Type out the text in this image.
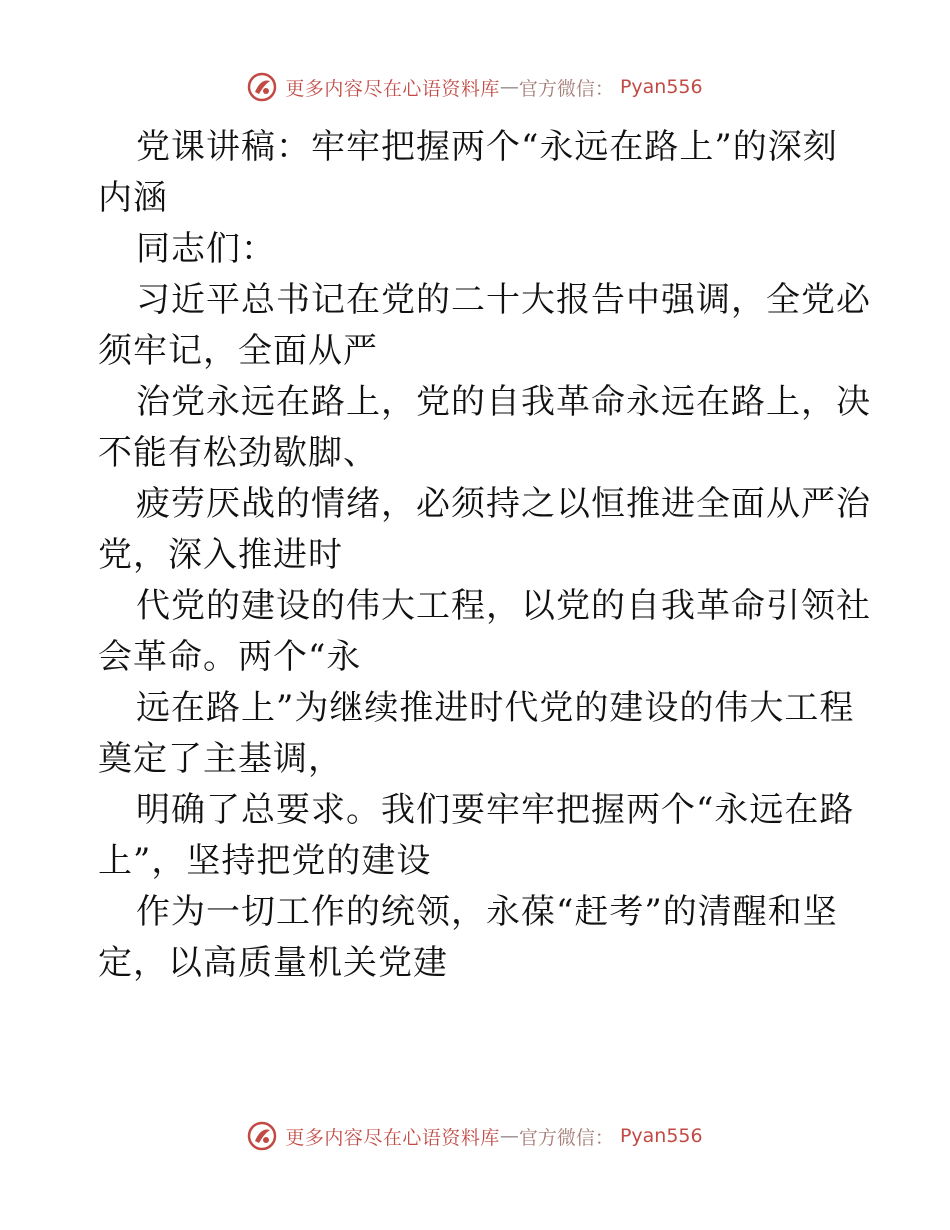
更多内容尽在心语资料库 — 官方微信： Pyan556
党课讲稿：牢牢把握两个“永远在路上”的深刻
内涵
同志们：
习近平总书记在党的二十大报告中强调，全党必
须牢记，全面从严
治党永远在路上，党的自我革命永远在路上，决
不能有松劲歇脚、
疲劳厌战的情绪，必须持之以恒推进全面从严治
党，深入推进时
代党的建设的伟大工程，以党的自我革命引领社
会革命。两个“永
远在路上”为继续推进时代党的建设的伟大工程
奠定了主基调，
明确了总要求。我们要牢牢把握两个“永远在路
上”，坚持把党的建设
作为一切工作的统领，永葆“赶考”的清醒和坚
定，以高质量机关党建
更多内容尽在心语资料库 — 官方微信： Pyan556
